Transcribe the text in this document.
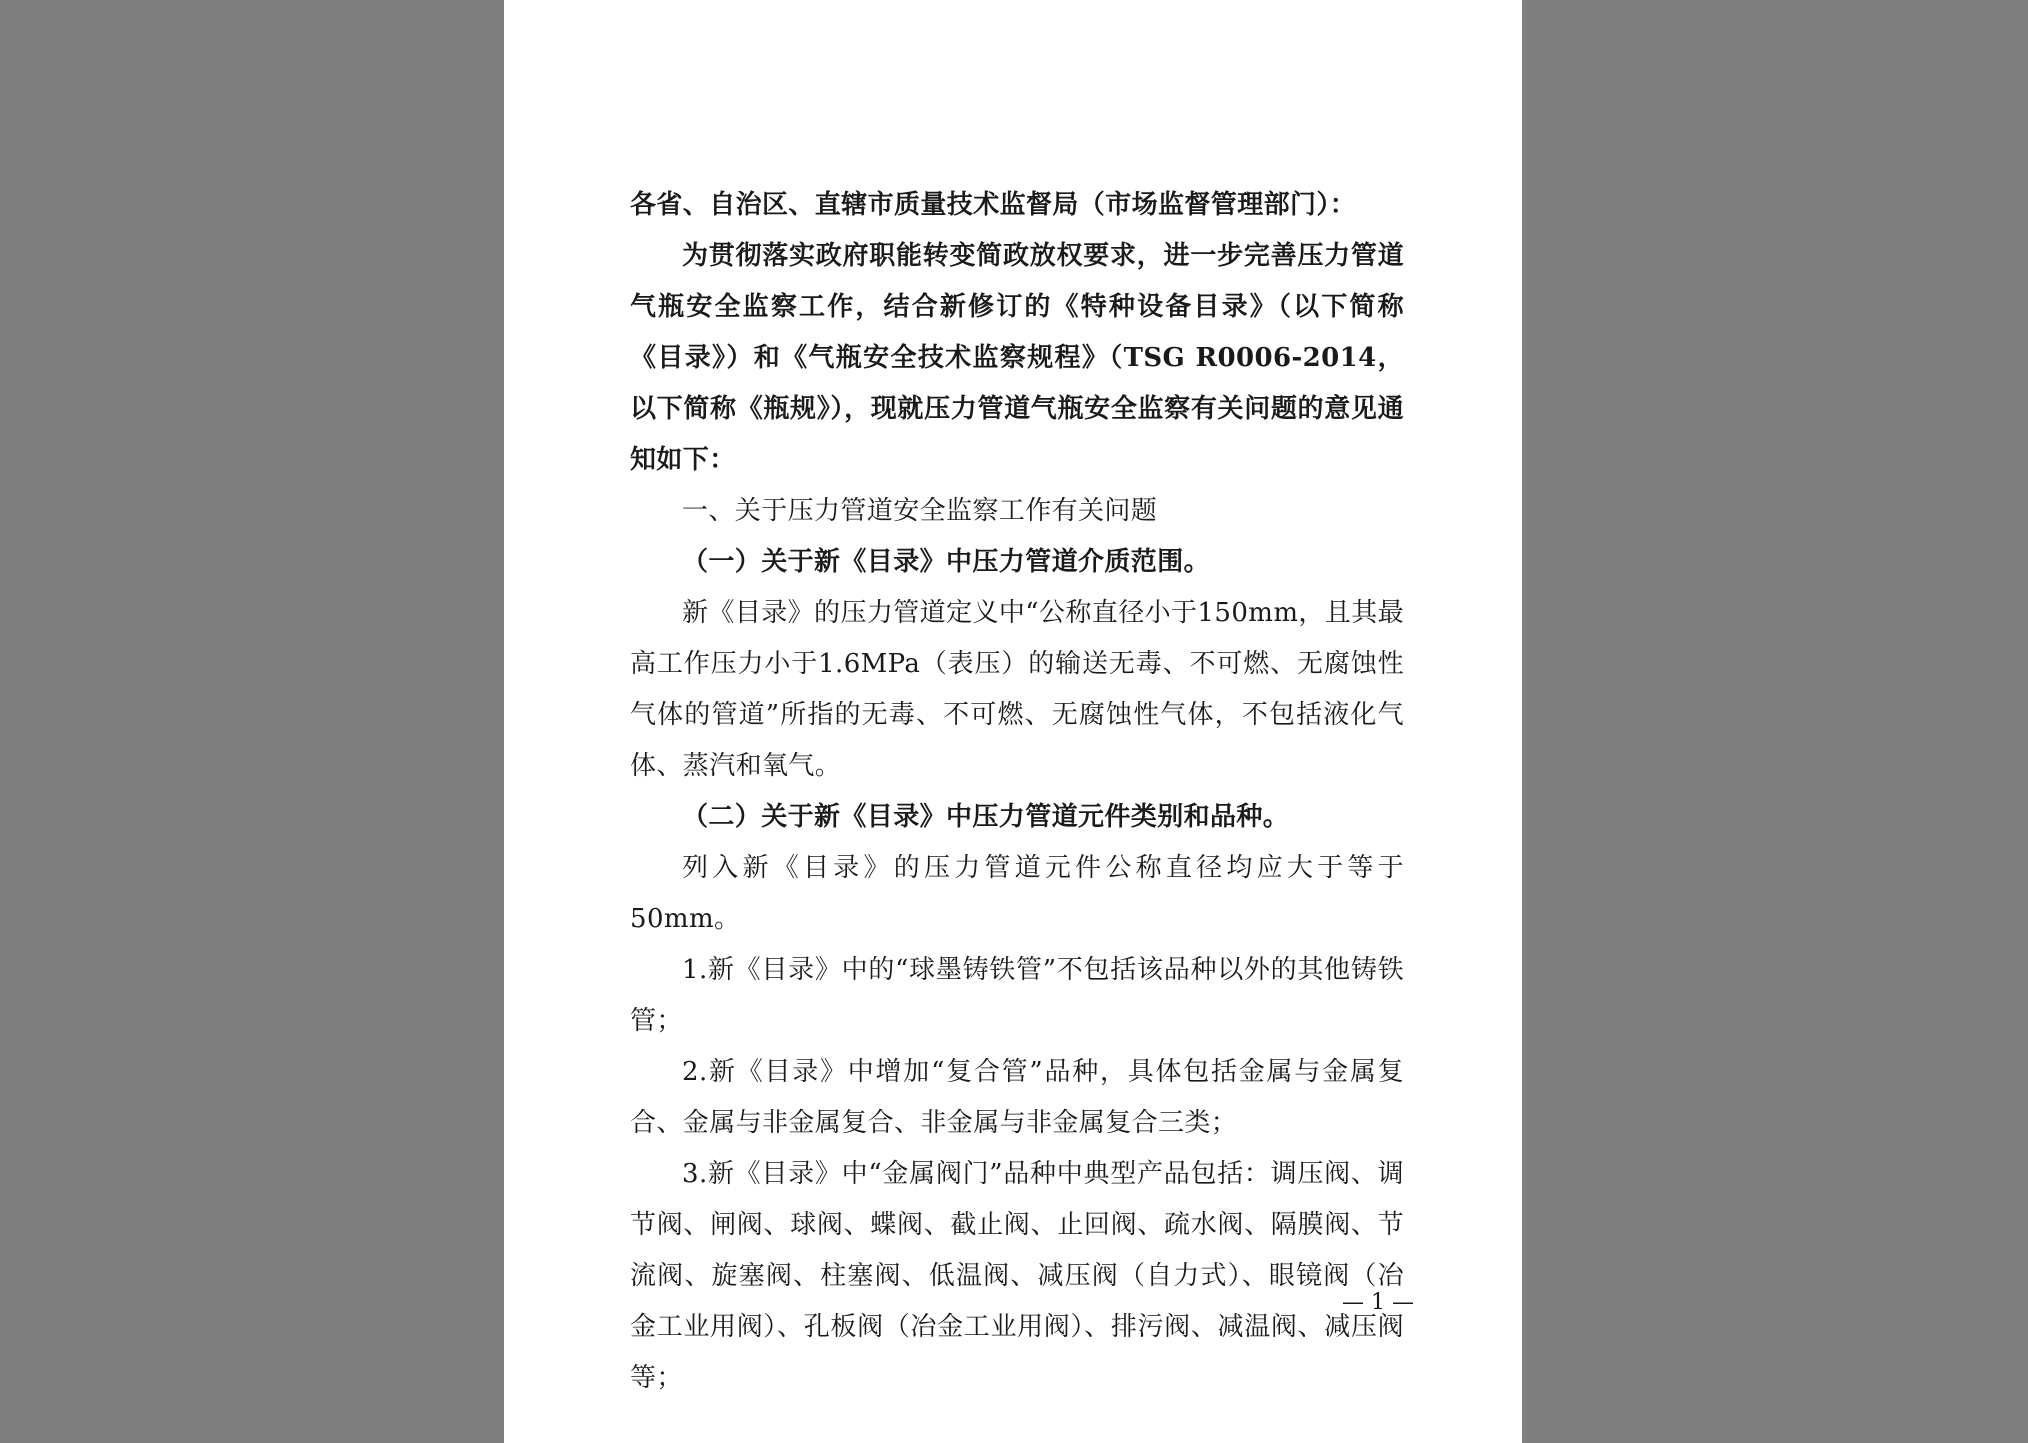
各省、自治区、直辖市质量技术监督局（市场监督管理部门）：

为贯彻落实政府职能转变简政放权要求，进一步完善压力管道气瓶安全监察工作，结合新修订的《特种设备目录》（以下简称《目录》）和《气瓶安全技术监察规程》（TSG R0006-2014，以下简称《瓶规》），现就压力管道气瓶安全监察有关问题的意见通知如下：

一、关于压力管道安全监察工作有关问题

（一）关于新《目录》中压力管道介质范围。

新《目录》的压力管道定义中“公称直径小于150mm，且其最高工作压力小于1.6MPa（表压）的输送无毒、不可燃、无腐蚀性气体的管道”所指的无毒、不可燃、无腐蚀性气体，不包括液化气体、蒸汽和氧气。

（二）关于新《目录》中压力管道元件类别和品种。

列入新《目录》的压力管道元件公称直径均应大于等于50mm。

1.新《目录》中的“球墨铸铁管”不包括该品种以外的其他铸铁管；

2.新《目录》中增加“复合管”品种，具体包括金属与金属复合、金属与非金属复合、非金属与非金属复合三类；

3.新《目录》中“金属阀门”品种中典型产品包括：调压阀、调节阀、闸阀、球阀、蝶阀、截止阀、止回阀、疏水阀、隔膜阀、节流阀、旋塞阀、柱塞阀、低温阀、减压阀（自力式）、眼镜阀（冶金工业用阀）、孔板阀（冶金工业用阀）、排污阀、减温阀、减压阀等；

— 1 —
